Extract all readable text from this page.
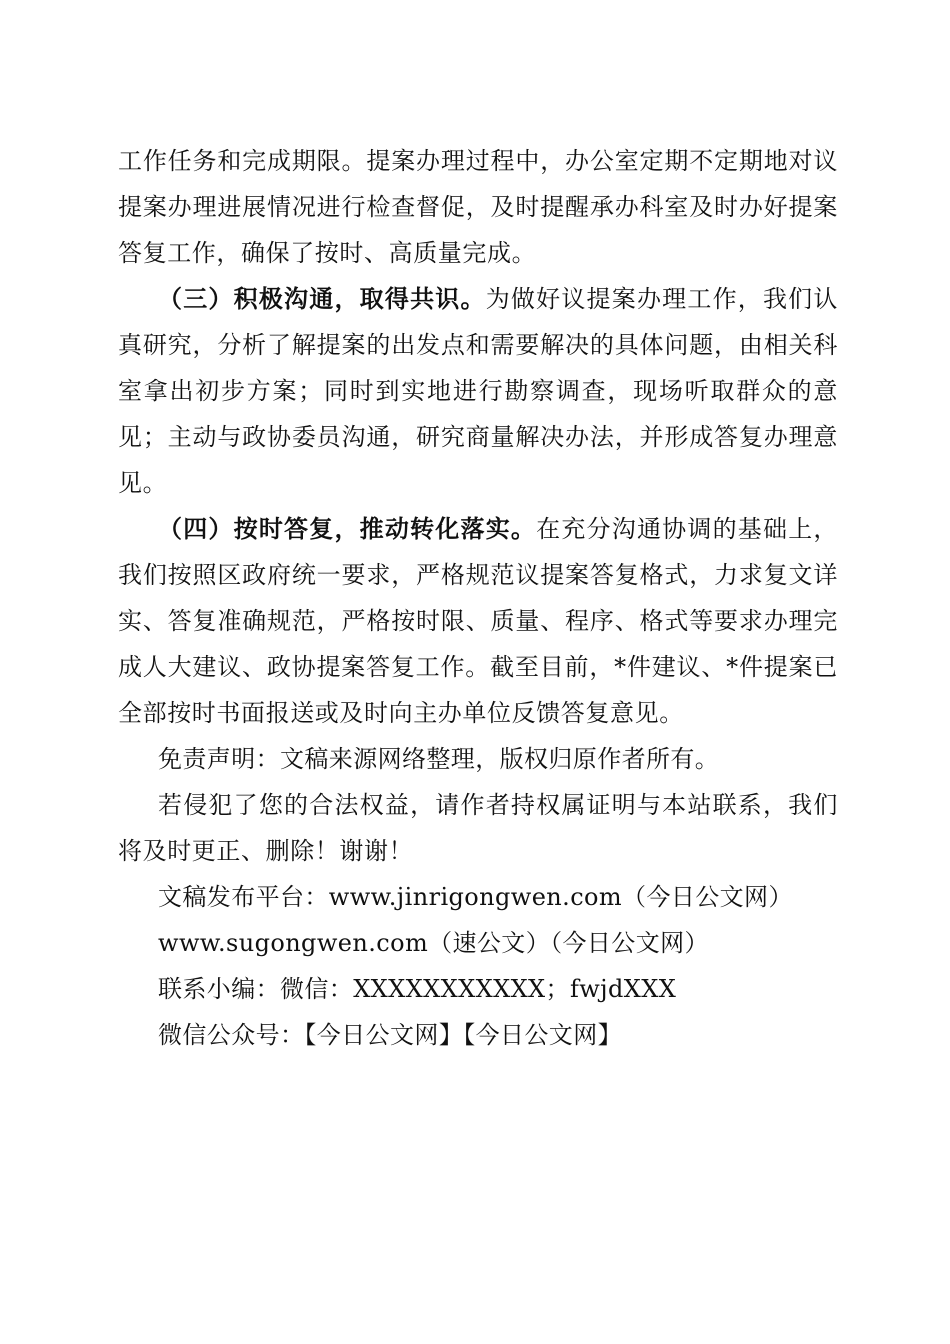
工作任务和完成期限。提案办理过程中，办公室定期不定期地对议提案办理进展情况进行检查督促，及时提醒承办科室及时办好提案答复工作，确保了按时、高质量完成。

（三）积极沟通，取得共识。为做好议提案办理工作，我们认真研究，分析了解提案的出发点和需要解决的具体问题，由相关科室拿出初步方案；同时到实地进行勘察调查，现场听取群众的意见；主动与政协委员沟通，研究商量解决办法，并形成答复办理意见。

（四）按时答复，推动转化落实。在充分沟通协调的基础上，我们按照区政府统一要求，严格规范议提案答复格式，力求复文详实、答复准确规范，严格按时限、质量、程序、格式等要求办理完成人大建议、政协提案答复工作。截至目前，*件建议、*件提案已全部按时书面报送或及时向主办单位反馈答复意见。

免责声明：文稿来源网络整理，版权归原作者所有。

若侵犯了您的合法权益，请作者持权属证明与本站联系，我们将及时更正、删除！谢谢！

文稿发布平台：www.jinrigongwen.com（今日公文网）

www.sugongwen.com（速公文）（今日公文网）

联系小编：微信：XXXXXXXXXXX；fwjdXXX

微信公众号：【今日公文网】【今日公文网】
